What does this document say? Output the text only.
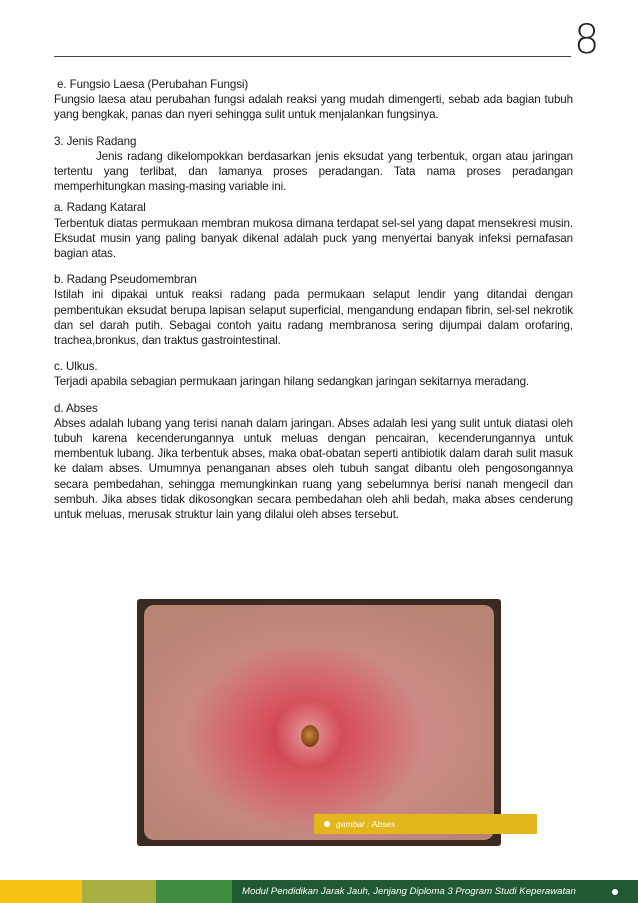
8

e. Fungsio Laesa (Perubahan Fungsi)

Fungsio laesa atau perubahan fungsi adalah reaksi yang mudah dimengerti, sebab ada bagian tubuh yang bengkak, panas dan nyeri sehingga sulit untuk menjalankan fungsinya.

3. Jenis Radang

Jenis radang dikelompokkan berdasarkan jenis eksudat yang terbentuk, organ atau jaringan tertentu yang terlibat, dan lamanya proses peradangan. Tata nama proses peradangan memperhitungkan masing-masing variable ini.

a. Radang Kataral

Terbentuk diatas permukaan membran mukosa dimana terdapat sel-sel yang dapat mensekresi musin. Eksudat musin yang paling banyak dikenal adalah puck yang menyertai banyak infeksi pernafasan bagian atas.

b. Radang Pseudomembran

Istilah ini dipakai untuk reaksi radang pada permukaan selaput lendir yang ditandai dengan pembentukan eksudat berupa lapisan selaput superficial, mengandung endapan fibrin, sel-sel nekrotik dan sel darah putih. Sebagai contoh yaitu radang membranosa sering dijumpai dalam orofaring, trachea,bronkus, dan traktus gastrointestinal.

c. Ulkus.

Terjadi apabila sebagian permukaan jaringan hilang sedangkan jaringan sekitarnya meradang.

d. Abses

Abses adalah lubang yang terisi nanah dalam jaringan. Abses adalah lesi yang sulit untuk diatasi oleh tubuh karena kecenderungannya untuk meluas dengan pencairan, kecenderungannya untuk membentuk lubang. Jika terbentuk abses, maka obat-obatan seperti antibiotik dalam darah sulit masuk ke dalam abses. Umumnya penanganan abses oleh tubuh sangat dibantu oleh pengosongannya secara pembedahan, sehingga memungkinkan ruang yang sebelumnya berisi nanah mengecil dan sembuh. Jika abses tidak dikosongkan secara pembedahan oleh ahli bedah, maka abses cenderung untuk meluas, merusak struktur lain yang dilalui oleh abses tersebut.

gambar : Abses
Modul Pendidikan Jarak Jauh, Jenjang Diploma 3 Program Studi Keperawatan
